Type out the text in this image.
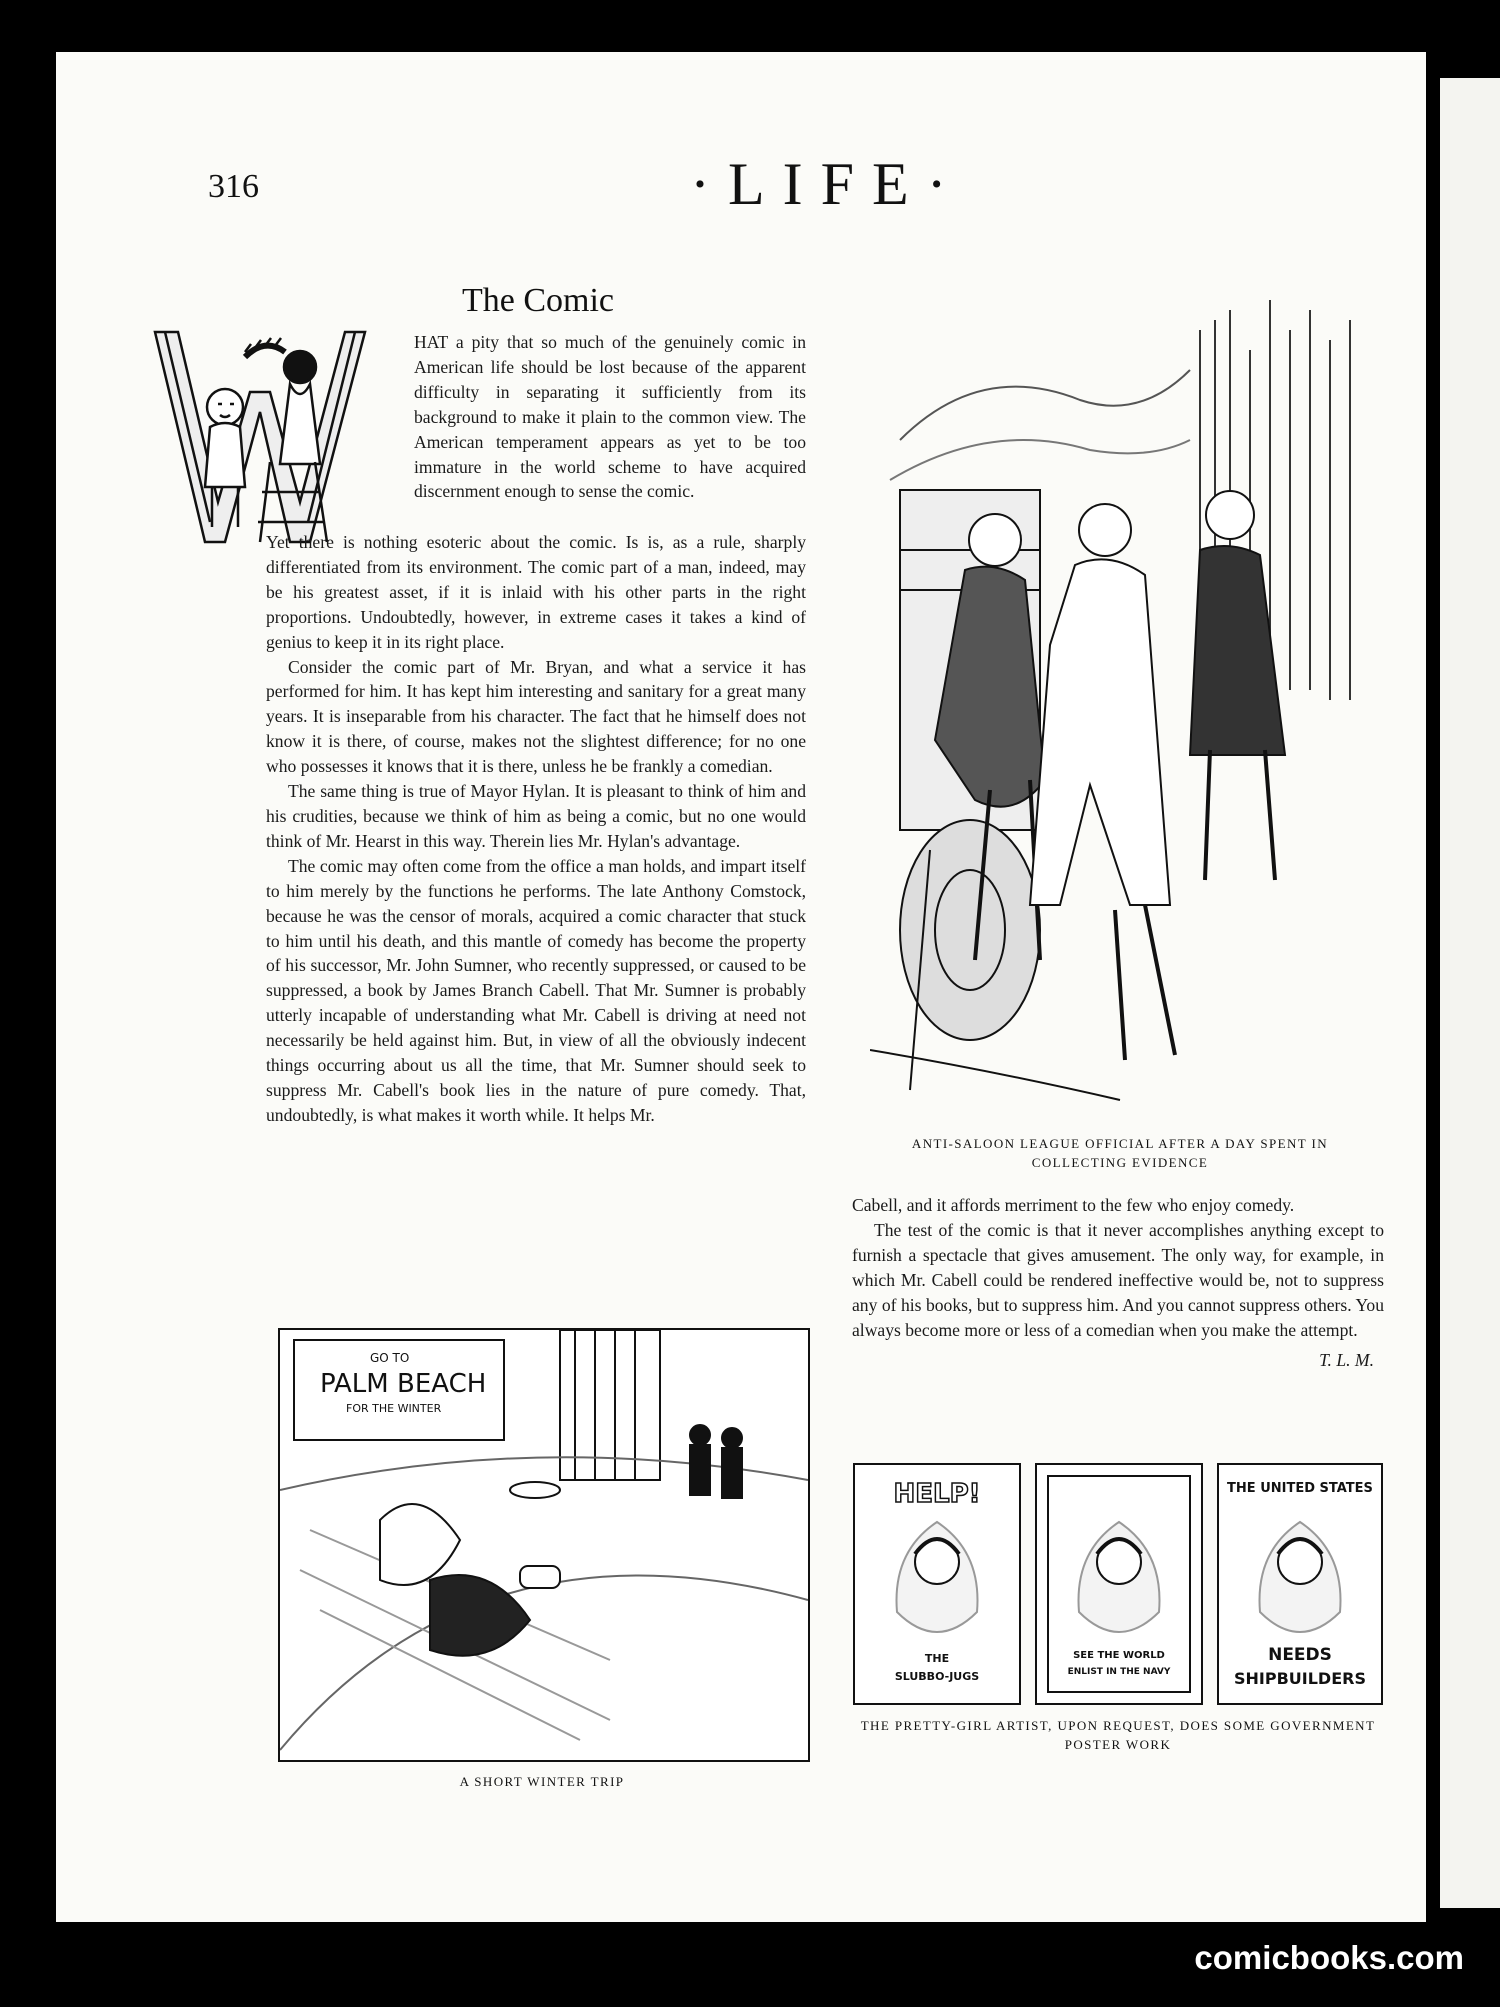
316	·LIFE·
The Comic

HAT a pity that so much of the genuinely comic in American life should be lost because of the apparent difficulty in separating it sufficiently from its background to make it plain to the common view. The American temperament appears as yet to be too immature in the world scheme to have acquired discernment enough to sense the comic.

Yet there is nothing esoteric about the comic. Is is, as a rule, sharply differentiated from its environment. The comic part of a man, indeed, may be his greatest asset, if it is inlaid with his other parts in the right proportions. Undoubtedly, however, in extreme cases it takes a kind of genius to keep it in its right place.

Consider the comic part of Mr. Bryan, and what a service it has performed for him. It has kept him interesting and sanitary for a great many years. It is inseparable from his character. The fact that he himself does not know it is there, of course, makes not the slightest difference; for no one who possesses it knows that it is there, unless he be frankly a comedian.

The same thing is true of Mayor Hylan. It is pleasant to think of him and his crudities, because we think of him as being a comic, but no one would think of Mr. Hearst in this way. Therein lies Mr. Hylan's advantage.

The comic may often come from the office a man holds, and impart itself to him merely by the functions he performs. The late Anthony Comstock, because he was the censor of morals, acquired a comic character that stuck to him until his death, and this mantle of comedy has become the property of his successor, Mr. John Sumner, who recently suppressed, or caused to be suppressed, a book by James Branch Cabell. That Mr. Sumner is probably utterly incapable of understanding what Mr. Cabell is driving at need not necessarily be held against him. But, in view of all the obviously indecent things occurring about us all the time, that Mr. Sumner should seek to suppress Mr. Cabell's book lies in the nature of pure comedy. That, undoubtedly, is what makes it worth while. It helps Mr.

Cabell, and it affords merriment to the few who enjoy comedy.

The test of the comic is that it never accomplishes anything except to furnish a spectacle that gives amusement. The only way, for example, in which Mr. Cabell could be rendered ineffective would be, not to suppress any of his books, but to suppress him. And you cannot suppress others. You always become more or less of a comedian when you make the attempt.

T. L. M.

ANTI-SALOON LEAGUE OFFICIAL AFTER A DAY SPENT IN COLLECTING EVIDENCE
GO TO
PALM BEACH
FOR THE WINTER
A SHORT WINTER TRIP
HELP!
THE
SLUBBO-JUGS
SEE THE WORLD
ENLIST IN THE NAVY
THE UNITED STATES
NEEDS
SHIPBUILDERS
THE PRETTY-GIRL ARTIST, UPON REQUEST, DOES SOME GOVERNMENT POSTER WORK
comicbooks.com
